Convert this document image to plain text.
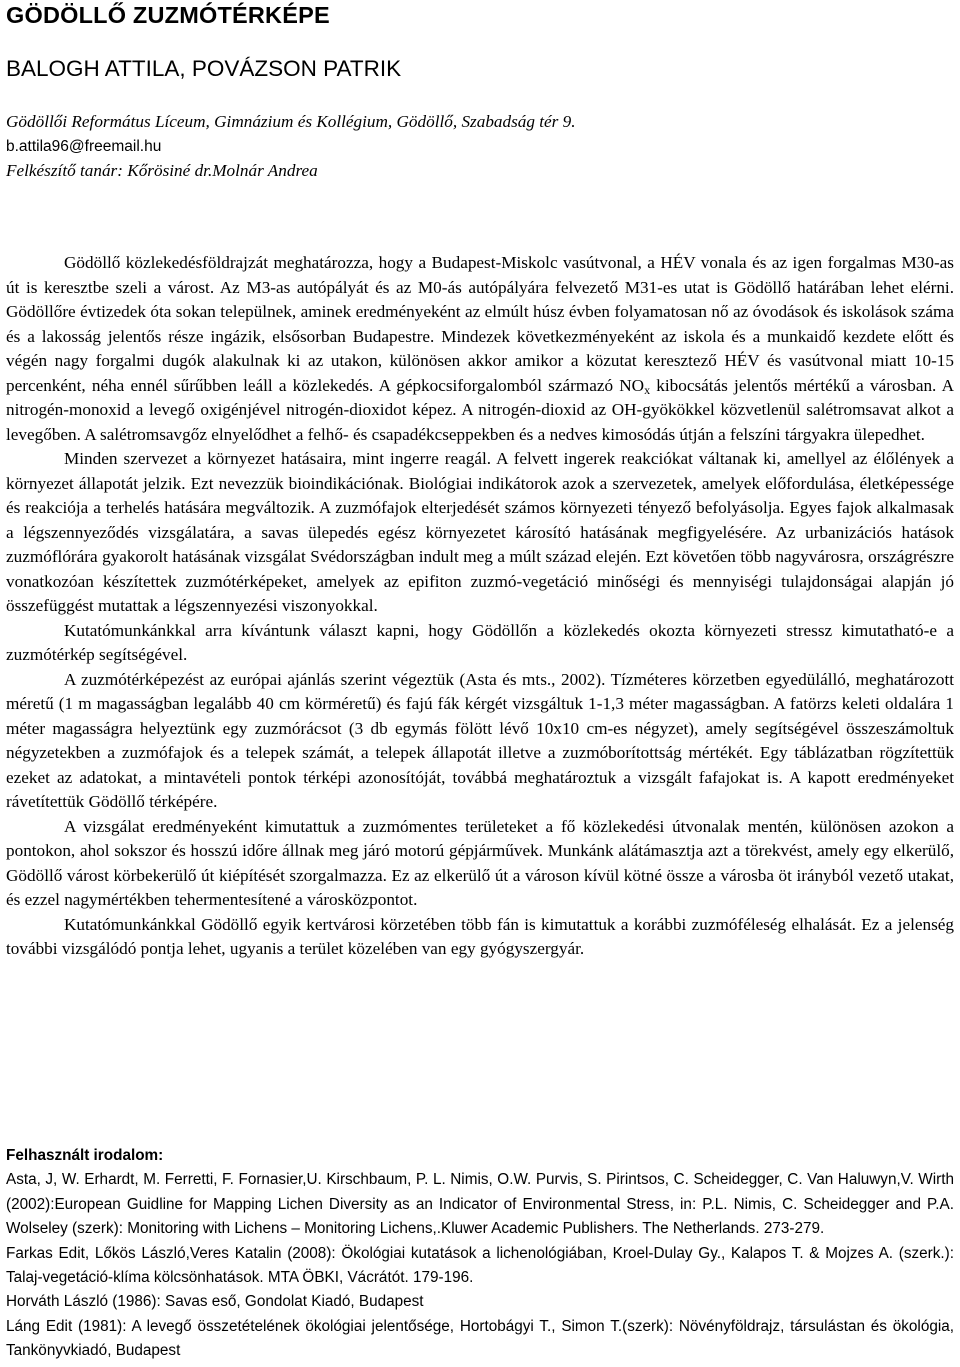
GÖDÖLLŐ ZUZMÓTÉRKÉPE
BALOGH ATTILA, POVÁZSON PATRIK
Gödöllői Református Líceum, Gimnázium és Kollégium, Gödöllő, Szabadság tér 9.
b.attila96@freemail.hu
Felkészítő tanár: Kőrösiné dr.Molnár Andrea

Gödöllő közlekedésföldrajzát meghatározza, hogy a Budapest-Miskolc vasútvonal, a HÉV vonala és az igen forgalmas M30-as út is keresztbe szeli a várost. Az M3-as autópályát és az M0-ás autópályára felvezető M31-es utat is Gödöllő határában lehet elérni. Gödöllőre évtizedek óta sokan települnek, aminek eredményeként az elmúlt húsz évben folyamatosan nő az óvodások és iskolások száma és a lakosság jelentős része ingázik, elsősorban Budapestre. Mindezek következményeként az iskola és a munkaidő kezdete előtt és végén nagy forgalmi dugók alakulnak ki az utakon, különösen akkor amikor a közutat keresztező HÉV és vasútvonal miatt 10-15 percenként, néha ennél sűrűbben leáll a közlekedés. A gépkocsiforgalomból származó $NO_x$ kibocsátás jelentős mértékű a városban. A nitrogén-monoxid a levegő oxigénjével nitrogén-dioxidot képez. A nitrogén-dioxid az OH-gyökökkel közvetlenül salétromsavat alkot a levegőben. A salétromsavgőz elnyelődhet a felhő- és csapadékcseppekben és a nedves kimosódás útján a felszíni tárgyakra ülepedhet.

Minden szervezet a környezet hatásaira, mint ingerre reagál. A felvett ingerek reakciókat váltanak ki, amellyel az élőlények a környezet állapotát jelzik. Ezt nevezzük bioindikációnak. Biológiai indikátorok azok a szervezetek, amelyek előfordulása, életképessége és reakciója a terhelés hatására megváltozik. A zuzmófajok elterjedését számos környezeti tényező befolyásolja. Egyes fajok alkalmasak a légszennyeződés vizsgálatára, a savas ülepedés egész környezetet károsító hatásának megfigyelésére. Az urbanizációs hatások zuzmóflórára gyakorolt hatásának vizsgálat Svédországban indult meg a múlt század elején. Ezt követően több nagyvárosra, országrészre vonatkozóan készítettek zuzmótérképeket, amelyek az epifiton zuzmó-vegetáció minőségi és mennyiségi tulajdonságai alapján jó összefüggést mutattak a légszennyezési viszonyokkal.

Kutatómunkánkkal arra kívántunk választ kapni, hogy Gödöllőn a közlekedés okozta környezeti stressz kimutatható-e a zuzmótérkép segítségével.

A zuzmótérképezést az európai ajánlás szerint végeztük (Asta és mts., 2002). Tízméteres körzetben egyedülálló, meghatározott méretű (1 m magasságban legalább 40 cm körméretű) és fajú fák kérgét vizsgáltuk 1-1,3 méter magasságban. A fatörzs keleti oldalára 1 méter magasságra helyeztünk egy zuzmórácsot (3 db egymás fölött lévő 10x10 cm-es négyzet), amely segítségével összeszámoltuk négyzetekben a zuzmófajok és a telepek számát, a telepek állapotát illetve a zuzmóborítottság mértékét. Egy táblázatban rögzítettük ezeket az adatokat, a mintavételi pontok térképi azonosítóját, továbbá meghatároztuk a vizsgált fafajokat is. A kapott eredményeket rávetítettük Gödöllő térképére.

A vizsgálat eredményeként kimutattuk a zuzmómentes területeket a fő közlekedési útvonalak mentén, különösen azokon a pontokon, ahol sokszor és hosszú időre állnak meg járó motorú gépjárművek. Munkánk alátámasztja azt a törekvést, amely egy elkerülő, Gödöllő várost körbekerülő út kiépítését szorgalmazza. Ez az elkerülő út a városon kívül kötné össze a városba öt irányból vezető utakat, és ezzel nagymértékben tehermentesítené a városközpontot.

Kutatómunkánkkal Gödöllő egyik kertvárosi körzetében több fán is kimutattuk a korábbi zuzmóféleség elhalását. Ez a jelenség további vizsgálódó pontja lehet, ugyanis a terület közelében van egy gyógyszergyár.

Felhasznált irodalom:

Asta, J, W. Erhardt, M. Ferretti, F. Fornasier,U. Kirschbaum, P. L. Nimis, O.W. Purvis, S. Pirintsos, C. Scheidegger, C. Van Haluwyn,V. Wirth (2002):European Guidline for Mapping Lichen Diversity as an Indicator of Environmental Stress, in: P.L. Nimis, C. Scheidegger and P.A. Wolseley (szerk): Monitoring with Lichens – Monitoring Lichens,.Kluwer Academic Publishers. The Netherlands. 273-279.

Farkas Edit, Lőkös László,Veres Katalin (2008): Ökológiai kutatások a lichenológiában, Kroel-Dulay Gy., Kalapos T. & Mojzes A. (szerk.): Talaj-vegetáció-klíma kölcsönhatások. MTA ÖBKI, Vácrátót. 179-196.

Horváth László (1986): Savas eső, Gondolat Kiadó, Budapest

Láng Edit (1981): A levegő összetételének ökológiai jelentősége, Hortobágyi T., Simon T.(szerk): Növényföldrajz, társulástan és ökológia, Tankönyvkiadó, Budapest
